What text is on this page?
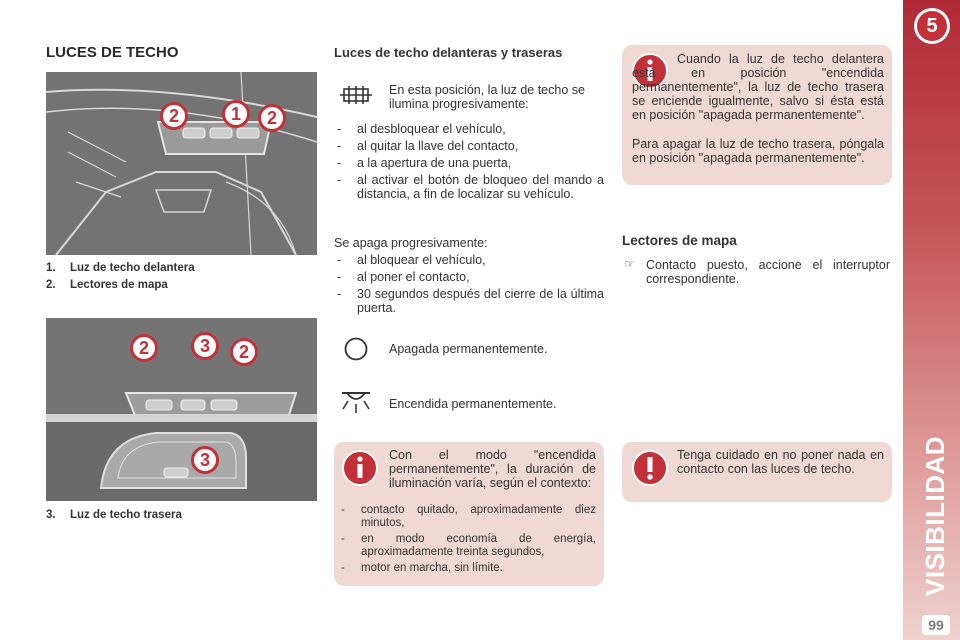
5
VISIBILIDAD
99
LUCES DE TECHO
2	1	2
1. Luz de techo delantera
2. Lectores de mapa
2	3	2
3
3. Luz de techo trasera
Luces de techo delanteras y traseras
En esta posición, la luz de techo se ilumina progresivamente:
- al desbloquear el vehículo,
- al quitar la llave del contacto,
- a la apertura de una puerta,
- al activar el botón de bloqueo del mando a distancia, a fin de localizar su vehículo.
Se apaga progresivamente:
- al bloquear el vehículo,
- al poner el contacto,
- 30 segundos después del cierre de la última puerta.
Apagada permanentemente.
Encendida permanentemente.
Con el modo "encendida permanentemente", la duración de iluminación varía, según el contexto:
- contacto quitado, aproximadamente diez minutos,
- en modo economía de energía, aproximadamente treinta segundos,
- motor en marcha, sin límite.
Cuando la luz de techo delantera está en posición "encendida permanentemente", la luz de techo trasera se enciende igualmente, salvo si ésta está en posición "apagada permanentemente".
Para apagar la luz de techo trasera, póngala en posición "apagada permanentemente".
Lectores de mapa
☞ Contacto puesto, accione el interruptor correspondiente.
Tenga cuidado en no poner nada en contacto con las luces de techo.
